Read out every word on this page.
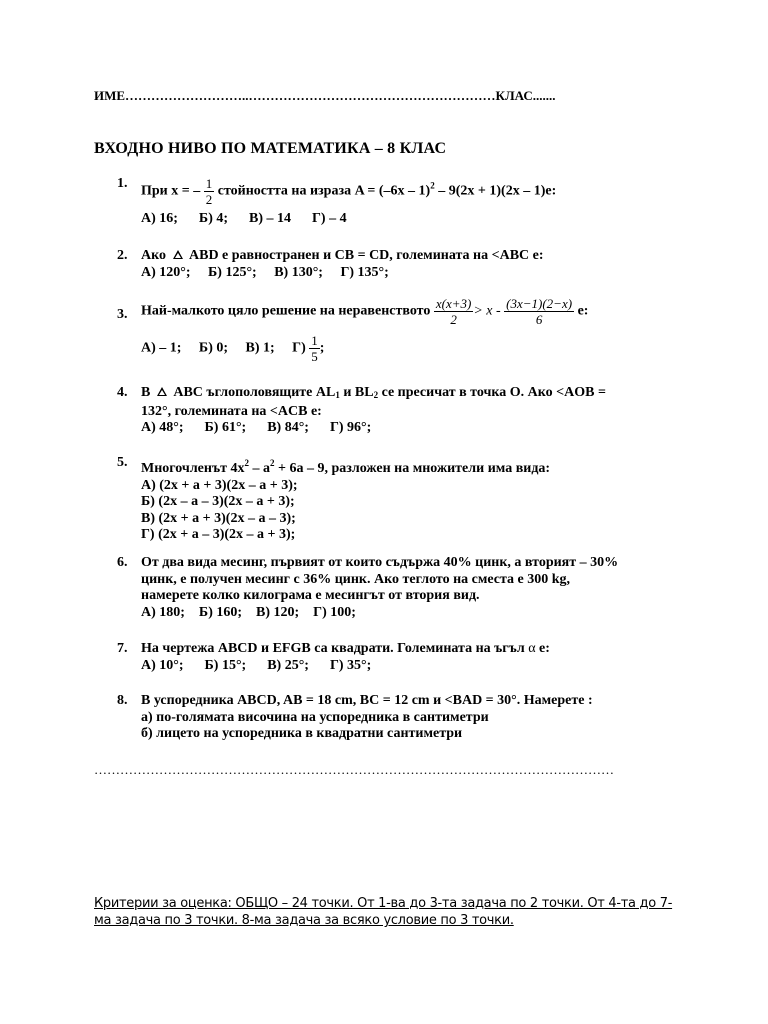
ИМЕ………………………..…………………………………………………КЛАС.......
ВХОДНО НИВО ПО МАТЕМАТИКА – 8 КЛАС
1.
При x = – $\frac{1}{2}$ стойността на израза A = (–6x – 1)$^2$ – 9(2x + 1)(2x – 1)е:
А) 16;      Б) 4;      В) – 14      Г) – 4
2. Ако ABD е равностранен и CB = CD, големината на <ABC е:
А) 120°;     Б) 125°;     В) 130°;     Г) 135°;
3. Най-малкото цяло решение на неравенството $\frac{x(x+3)}{2} > x - \frac{(3x-1)(2-x)}{6} е$:
А) – 1;     Б) 0;     В) 1;     $Г) \frac{1}{5}$ ;
4. В ABC ъглополовящите $AL_1$ и $BL_2$ се пресичат в точка O. Ако <AOB =
132°, големината на <ACB е:
А) 48°;      Б) 61°;      В) 84°;      Г) 96°;
5. Многочленът $4x^2 - a^2 + 6a - 9$, разложен на множители има вида:
А) (2x + a + 3)(2x – a + 3);
Б) (2x – a – 3)(2x – a + 3);
В) (2x + a + 3)(2x – a – 3);
Г) (2x + a – 3)(2x – a + 3);
6. От два вида месинг, първият от които съдържа 40% цинк, а вторият – 30%
цинк, е получен месинг с 36% цинк. Ако теглото на сместа е 300 kg,
намерете колко килограма е месингът от втория вид.
А) 180;    Б) 160;    В) 120;    Г) 100;
7. На чертежа ABCD и EFGB са квадрати. Големината на ъгъл α е:
А) 10°;      Б) 15°;      В) 25°;      Г) 35°;
8. В успоредника ABCD, AB = 18 cm, BC = 12 cm и <BAD = 30°. Намерете :
а) по-голямата височина на успоредника в сантиметри
б) лицето на успоредника в квадратни сантиметри
…………………………………………………………………………………………………………
Критерии за оценка: ОБЩО – 24 точки. От 1-ва до 3-та задача по 2 точки. От 4-та до 7-ма задача по 3 точки. 8-ма задача за всяко условие по 3 точки.
